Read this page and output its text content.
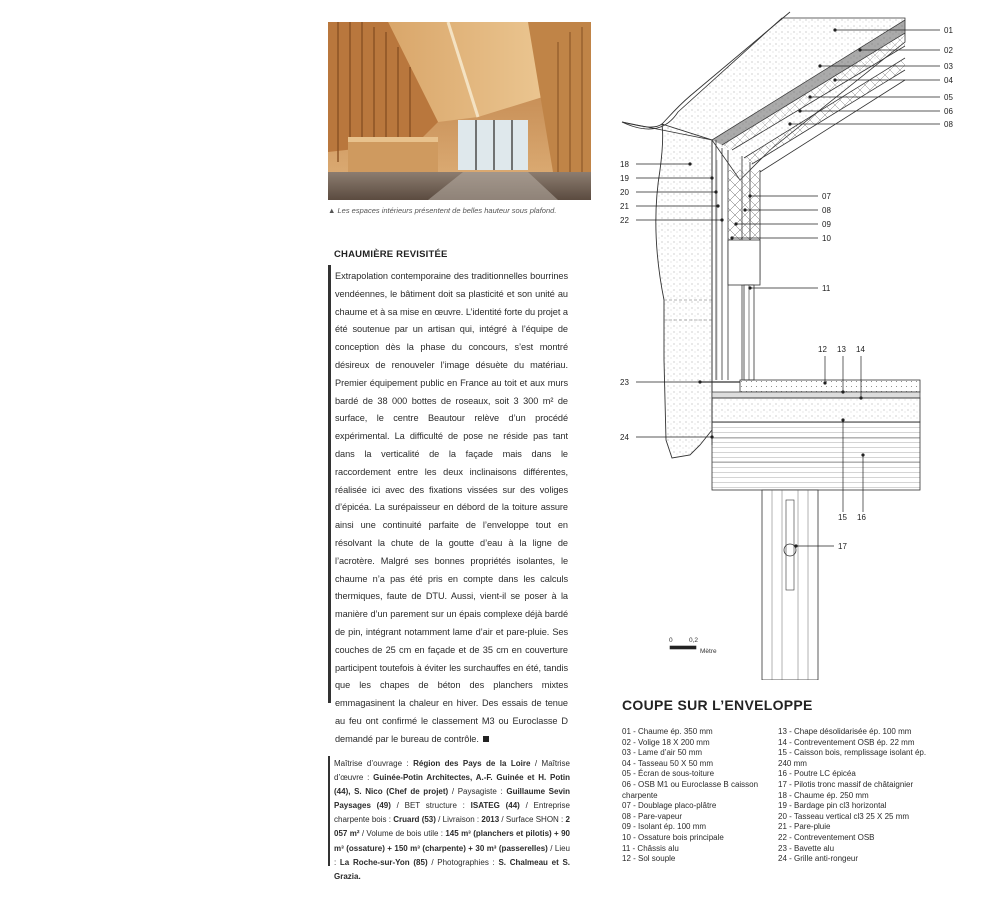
▲ Les espaces intérieurs présentent de belles hauteur sous plafond.
CHAUMIÈRE REVISITÉE
Extrapolation contemporaine des traditionnelles bourrines vendéennes, le bâtiment doit sa plasticité et son unité au chaume et à sa mise en œuvre. L’identité forte du projet a été soutenue par un artisan qui, intégré à l’équipe de conception dès la phase du concours, s’est montré désireux de renouveler l’image désuète du matériau. Premier équipement public en France au toit et aux murs bardé de 38 000 bottes de roseaux, soit 3 300 m² de surface, le centre Beautour relève d’un procédé expérimental. La difficulté de pose ne réside pas tant dans la verticalité de la façade mais dans le raccordement entre les deux inclinaisons différentes, réalisée ici avec des fixations vissées sur des voliges d’épicéa. La surépaisseur en débord de la toiture assure ainsi une continuité parfaite de l’enveloppe tout en résolvant la chute de la goutte d’eau à la ligne de l’acrotère. Malgré ses bonnes propriétés isolantes, le chaume n’a pas été pris en compte dans les calculs thermiques, faute de DTU. Aussi, vient-il se poser à la manière d’un parement sur un épais complexe déjà bardé de pin, intégrant notamment lame d’air et pare-pluie. Ses couches de 25 cm en façade et de 35 cm en couverture participent toutefois à éviter les surchauffes en été, tandis que les chapes de béton des planchers mixtes emmagasinent la chaleur en hiver. Des essais de tenue au feu ont confirmé le classement M3 ou Euroclasse D demandé par le bureau de contrôle.
Maîtrise d’ouvrage : Région des Pays de la Loire / Maîtrise d’œuvre : Guinée-Potin Architectes, A.-F. Guinée et H. Potin (44), S. Nico (Chef de projet) / Paysagiste : Guillaume Sevin Paysages (49) / BET structure : ISATEG (44) / Entreprise charpente bois : Cruard (53) / Livraison : 2013 / Surface SHON : 2 057 m² / Volume de bois utile : 145 m³ (planchers et pilotis) + 90 m³ (ossature) + 150 m³ (charpente) + 30 m³ (passerelles) / Lieu : La Roche-sur-Yon (85) / Photographies : S. Chalmeau et S. Grazia.
01
02
03
04
05
06
08
07
08
09
10
11
12 13 14
18
19
20
21
22
23
24
15 16
17
0	0,2
Mètre
COUPE SUR L’ENVELOPPE
01 - Chaume ép. 350 mm
02 - Volige 18 X 200 mm
03 - Lame d’air 50 mm
04 - Tasseau 50 X 50 mm
05 - Écran de sous-toiture
06 - OSB M1 ou Euroclasse B caisson charpente
07 - Doublage placo-plâtre
08 - Pare-vapeur
09 - Isolant ép. 100 mm
10 - Ossature bois principale
11 - Châssis alu
12 - Sol souple
13 - Chape désolidarisée ép. 100 mm
14 - Contreventement OSB ép. 22 mm
15 - Caisson bois, remplissage isolant ép. 240 mm
16 - Poutre LC épicéa
17 - Pilotis tronc massif de châtaignier
18 - Chaume ép. 250 mm
19 - Bardage pin cl3 horizontal
20 - Tasseau vertical cl3 25 X 25 mm
21 - Pare-pluie
22 - Contreventement OSB
23 - Bavette alu
24 - Grille anti-rongeur
